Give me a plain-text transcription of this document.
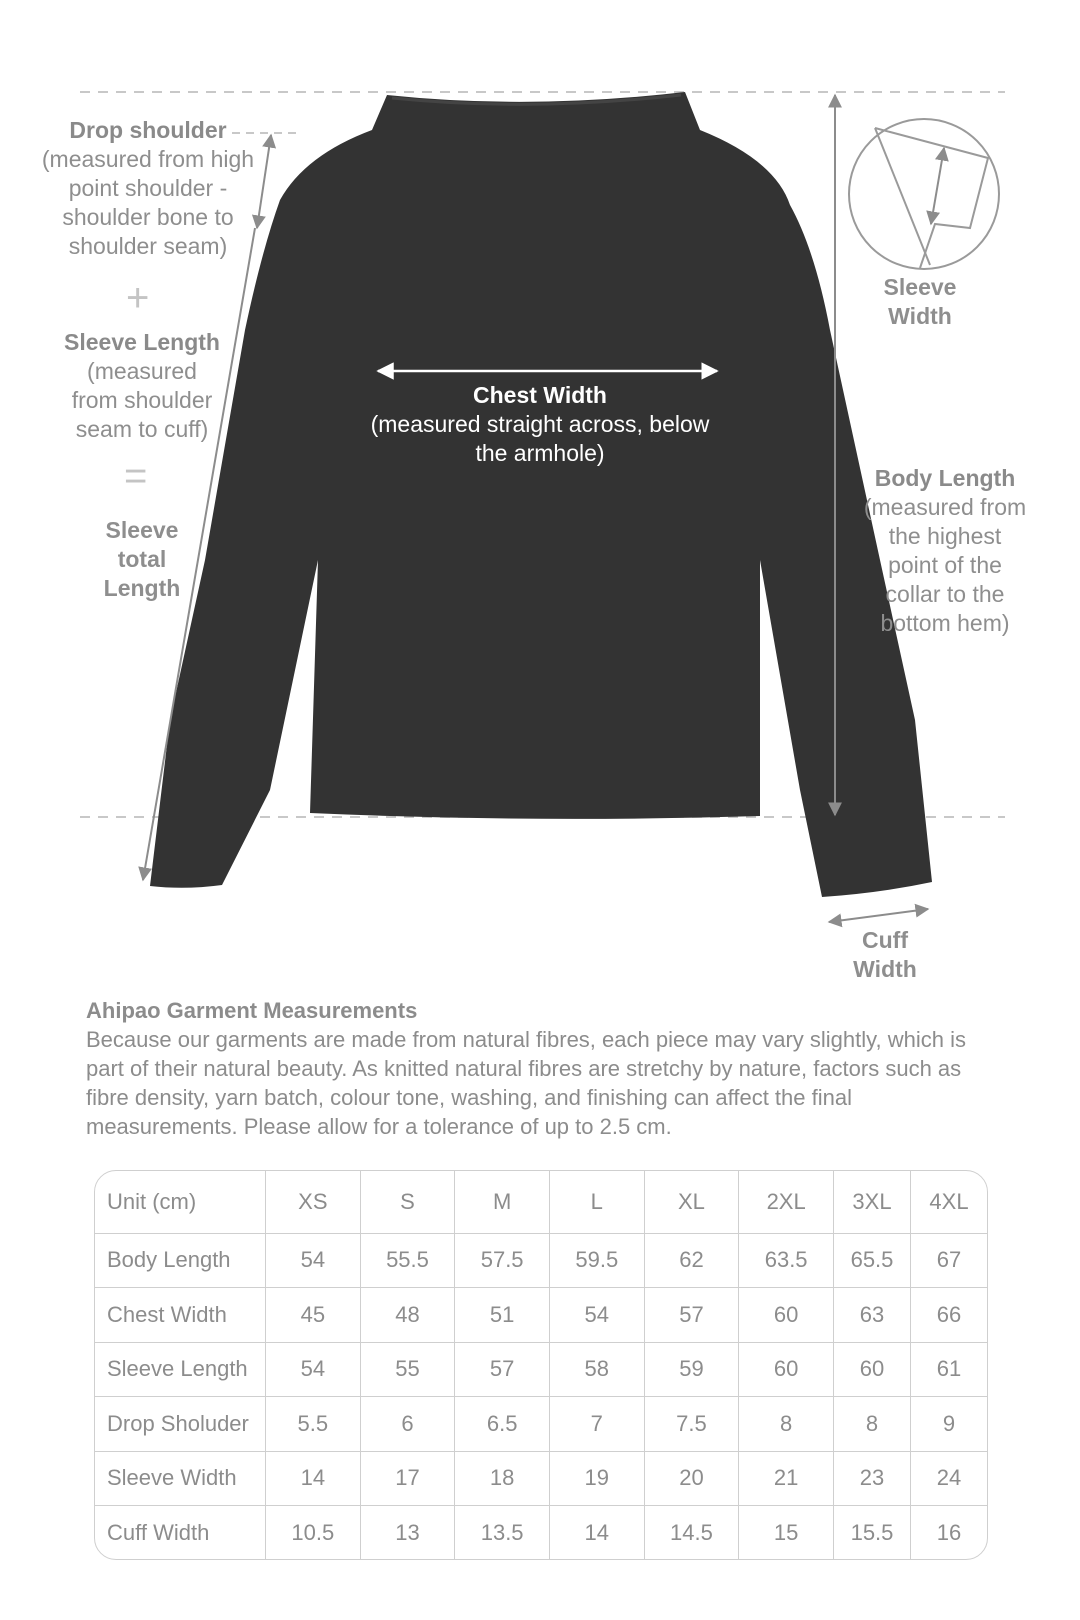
Drop shoulder
(measured from high
point shoulder -
shoulder bone to
shoulder seam)
+
Sleeve Length
(measured
from shoulder
seam to cuff)
=
Sleeve
total
Length
Chest Width
(measured straight across, below
the armhole)
Sleeve
Width
Body Length
(measured from
the highest
point of the
collar to the
bottom hem)
Cuff
Width
Ahipao Garment Measurements
Because our garments are made from natural fibres, each piece may vary slightly, which is part of their natural beauty. As knitted natural fibres are stretchy by nature, factors such as fibre density, yarn batch, colour tone, washing, and finishing can affect the final measurements. Please allow for a tolerance of up to 2.5 cm.
Unit (cm)	XS	S	M	L	XL	2XL	3XL	4XL
Body Length	54	55.5	57.5	59.5	62	63.5	65.5	67
Chest Width	45	48	51	54	57	60	63	66
Sleeve Length	54	55	57	58	59	60	60	61
Drop Sholuder	5.5	6	6.5	7	7.5	8	8	9
Sleeve Width	14	17	18	19	20	21	23	24
Cuff Width	10.5	13	13.5	14	14.5	15	15.5	16
